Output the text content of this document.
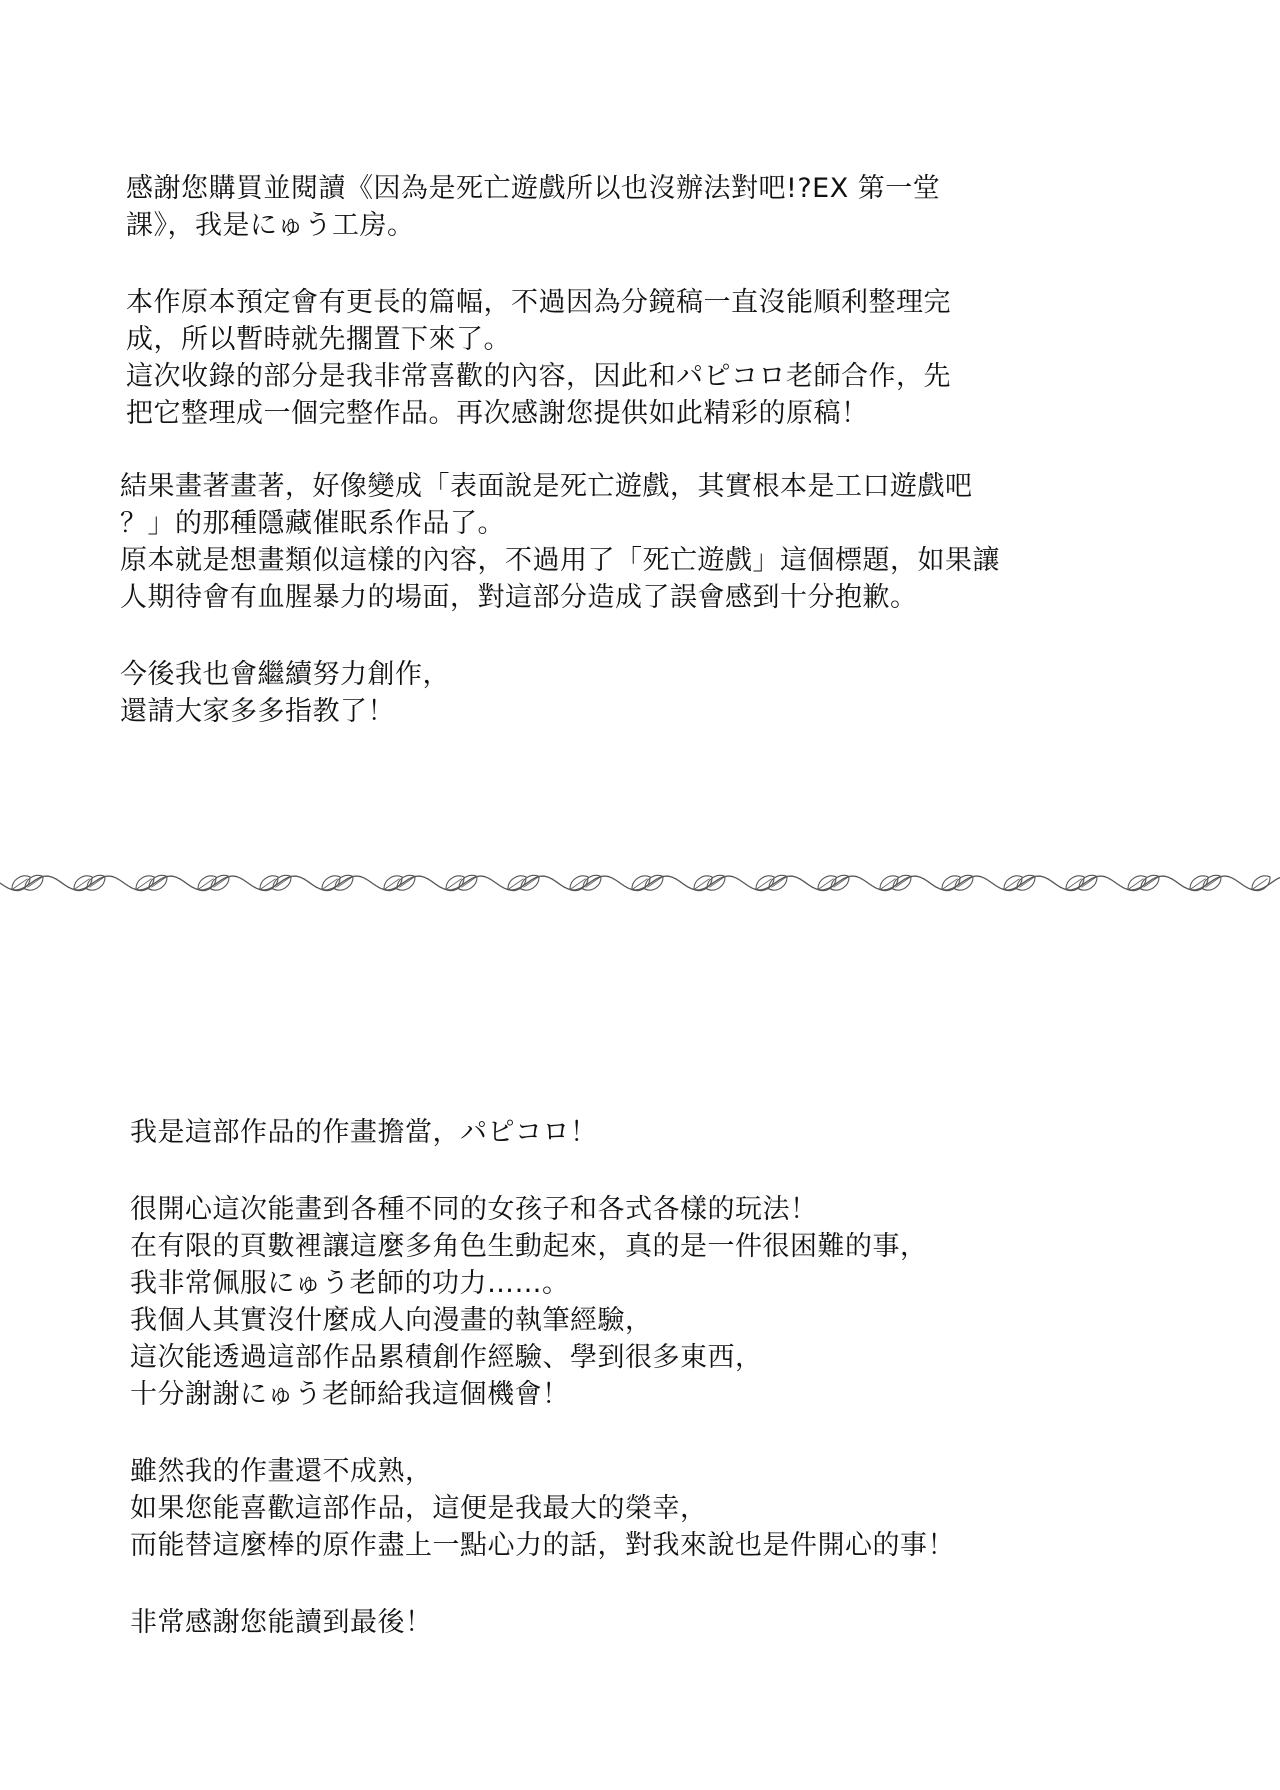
感謝您購買並閱讀《因為是死亡遊戲所以也沒辦法對吧!?EX 第一堂
課》，我是にゅう工房。
本作原本預定會有更長的篇幅，不過因為分鏡稿一直沒能順利整理完
成，所以暫時就先擱置下來了。
這次收錄的部分是我非常喜歡的內容，因此和パピコロ老師合作，先
把它整理成一個完整作品。再次感謝您提供如此精彩的原稿！
結果畫著畫著，好像變成「表面說是死亡遊戲，其實根本是工口遊戲吧
？」的那種隱藏催眠系作品了。
原本就是想畫類似這樣的內容，不過用了「死亡遊戲」這個標題，如果讓
人期待會有血腥暴力的場面，對這部分造成了誤會感到十分抱歉。
今後我也會繼續努力創作，
還請大家多多指教了！
我是這部作品的作畫擔當，パピコロ！
很開心這次能畫到各種不同的女孩子和各式各樣的玩法！
在有限的頁數裡讓這麼多角色生動起來，真的是一件很困難的事，
我非常佩服にゅう老師的功力……。
我個人其實沒什麼成人向漫畫的執筆經驗，
這次能透過這部作品累積創作經驗、學到很多東西，
十分謝謝にゅう老師給我這個機會！
雖然我的作畫還不成熟，
如果您能喜歡這部作品，這便是我最大的榮幸，
而能替這麼棒的原作盡上一點心力的話，對我來說也是件開心的事！
非常感謝您能讀到最後！
